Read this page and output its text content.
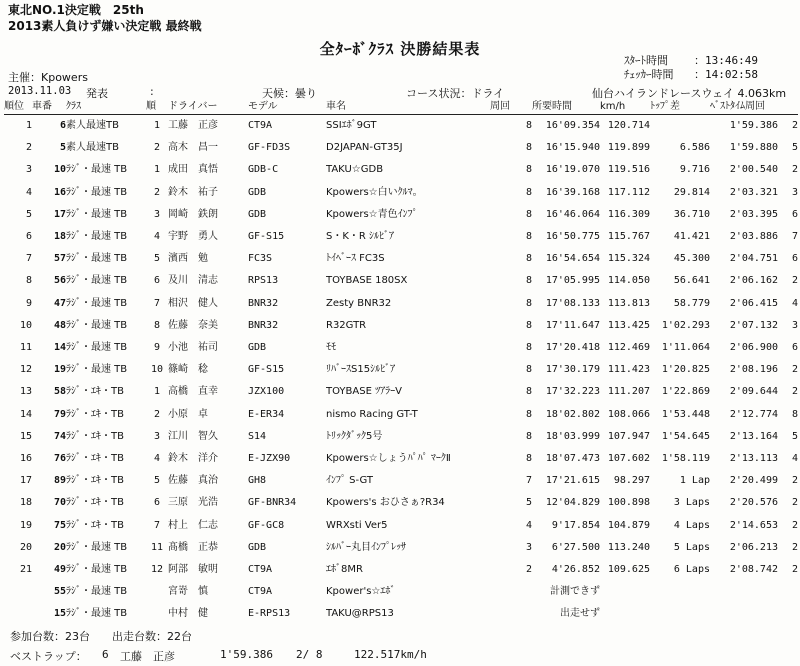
東北NO.1決定戦　25th
2013素人負けず嫌い決定戦 最終戦
全ﾀｰﾎﾞｸﾗｽ 決勝結果表
ｽﾀｰﾄ時間 ：13:46:49
ﾁｪｯｶｰ時間 ：14:02:58
主催：Kpowers
2013.11.03 発表	:	天候：曇り	コース状況：ドライ	仙台ハイランドレースウェイ 4.063km
順位	車番	ｸﾗｽ	順	ドライバー	モデル	車名	周回	所要時間	km/h	ﾄｯﾌﾟ差	ﾍﾞｽﾄﾀｲﾑ周回	
1	6	素人最速TB	1	工藤　正彦	CT9A	SSIｴﾎﾞ9GT	8	16'09.354	120.714		1'59.386	2
2	5	素人最速TB	2	高木　昌一	GF-FD3S	D2JAPAN-GT35J	8	16'15.940	119.899	6.586	1'59.880	5
3	10	ﾗｼﾞ・最速 TB	1	成田　真悟	GDB-C	TAKU☆GDB	8	16'19.070	119.516	9.716	2'00.540	2
4	16	ﾗｼﾞ・最速 TB	2	鈴木　祐子	GDB	Kpowers☆白いｸﾙﾏ。	8	16'39.168	117.112	29.814	2'03.321	3
5	17	ﾗｼﾞ・最速 TB	3	岡崎　鉄朗	GDB	Kpowers☆青色ｲﾝﾌﾟ	8	16'46.064	116.309	36.710	2'03.395	6
6	18	ﾗｼﾞ・最速 TB	4	宇野　勇人	GF-S15	S・K・R ｼﾙﾋﾞｱ	8	16'50.775	115.767	41.421	2'03.886	7
7	57	ﾗｼﾞ・最速 TB	5	濱西　勉	FC3S	ﾄｲﾍﾞｰｽ FC3S	8	16'54.654	115.324	45.300	2'04.751	6
8	56	ﾗｼﾞ・最速 TB	6	及川　清志	RPS13	TOYBASE 180SX	8	17'05.995	114.050	56.641	2'06.162	2
9	47	ﾗｼﾞ・最速 TB	7	相沢　健人	BNR32	Zesty BNR32	8	17'08.133	113.813	58.779	2'06.415	4
10	48	ﾗｼﾞ・最速 TB	8	佐藤　奈美	BNR32	R32GTR	8	17'11.647	113.425	1'02.293	2'07.132	3
11	14	ﾗｼﾞ・最速 TB	9	小池　祐司	GDB	ﾓﾓ	8	17'20.418	112.469	1'11.064	2'06.900	6
12	19	ﾗｼﾞ・最速 TB	10	篠崎　稔	GF-S15	ﾘﾊﾞｰｽS15ｼﾙﾋﾞｱ	8	17'30.179	111.423	1'20.825	2'08.196	2
13	58	ﾗｼﾞ・ｴｷ・TB	1	高橋　直幸	JZX100	TOYBASE ﾂｱﾗｰV	8	17'32.223	111.207	1'22.869	2'09.644	2
14	79	ﾗｼﾞ・ｴｷ・TB	2	小原　卓	E-ER34	nismo Racing GT-T	8	18'02.802	108.066	1'53.448	2'12.774	8
15	74	ﾗｼﾞ・ｴｷ・TB	3	江川　智久	S14	ﾄﾘｯｸﾀﾞｯｸ5号	8	18'03.999	107.947	1'54.645	2'13.164	5
16	76	ﾗｼﾞ・ｴｷ・TB	4	鈴木　洋介	E-JZX90	Kpowers☆しょうﾊﾟﾊﾟ ﾏｰｸⅡ	8	18'07.473	107.602	1'58.119	2'13.113	4
17	89	ﾗｼﾞ・ｴｷ・TB	5	佐藤　真治	GH8	ｲﾝﾌﾟ S-GT	7	17'21.615	98.297	1 Lap	2'20.499	2
18	70	ﾗｼﾞ・ｴｷ・TB	6	三原　光浩	GF-BNR34	Kpowers's おひさぁ?R34	5	12'04.829	100.898	3 Laps	2'20.576	2
19	75	ﾗｼﾞ・ｴｷ・TB	7	村上　仁志	GF-GC8	WRXsti Ver5	4	9'17.854	104.879	4 Laps	2'14.653	2
20	20	ﾗｼﾞ・最速 TB	11	髙橋　正恭	GDB	ｼﾙﾊﾞｰ丸目ｲﾝﾌﾟﾚｯｻ	3	6'27.500	113.240	5 Laps	2'06.213	2
21	49	ﾗｼﾞ・最速 TB	12	阿部　敏明	CT9A	ｴﾎﾞ8MR	2	4'26.852	109.625	6 Laps	2'08.742	2
	55	ﾗｼﾞ・最速 TB		宮嵜　慎	CT9A	Kpower's☆ｴﾎﾞ		計測できず				
	15	ﾗｼﾞ・最速 TB		中村　健	E-RPS13	TAKU@RPS13		出走せず				
参加台数：23台　　出走台数：22台
ベストラップ： 6 工藤　正彦	1'59.386 2/ 8	122.517km/h
